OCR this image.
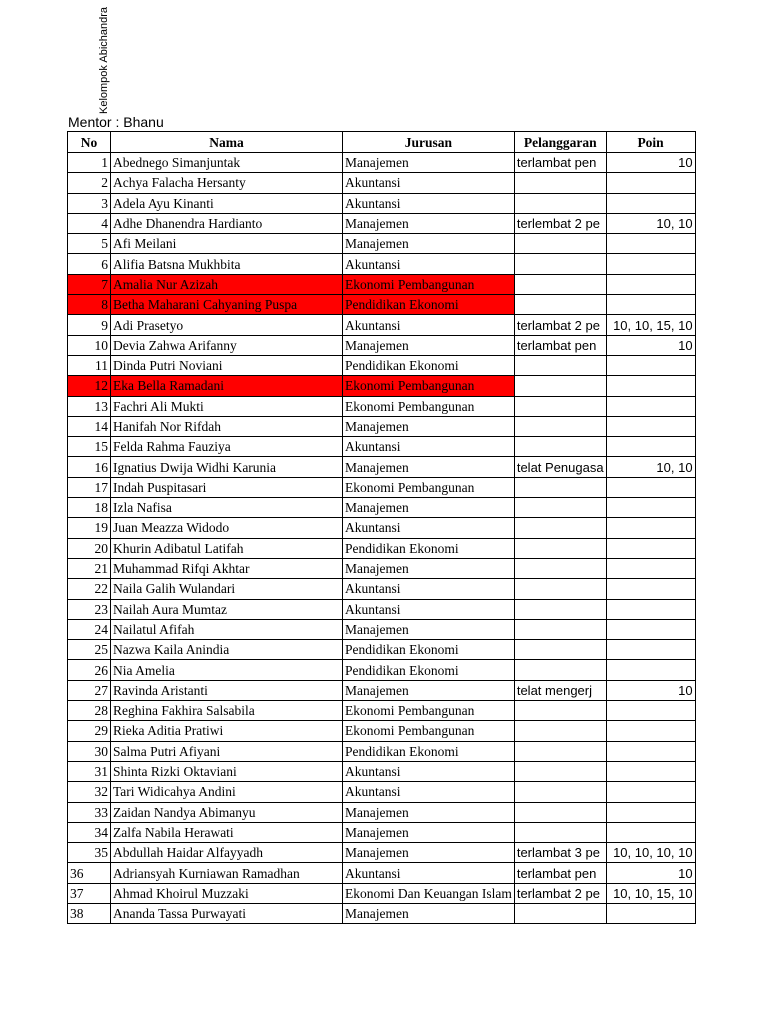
Kelompok Abichandra
Mentor : Bhanu
No	Nama	Jurusan	Pelanggaran	Poin
1	Abednego Simanjuntak	Manajemen	terlambat pen	10
2	Achya Falacha Hersanty	Akuntansi		
3	Adela Ayu Kinanti	Akuntansi		
4	Adhe Dhanendra Hardianto	Manajemen	terlembat 2 pe	10, 10
5	Afi Meilani	Manajemen		
6	Alifia Batsna Mukhbita	Akuntansi		
7	Amalia Nur Azizah	Ekonomi Pembangunan		
8	Betha Maharani Cahyaning Puspa	Pendidikan Ekonomi		
9	Adi Prasetyo	Akuntansi	terlambat 2 pe	10, 10, 15, 10
10	Devia Zahwa Arifanny	Manajemen	terlambat pen	10
11	Dinda Putri Noviani	Pendidikan Ekonomi		
12	Eka Bella Ramadani	Ekonomi Pembangunan		
13	Fachri Ali Mukti	Ekonomi Pembangunan		
14	Hanifah Nor Rifdah	Manajemen		
15	Felda Rahma Fauziya	Akuntansi		
16	Ignatius Dwija Widhi Karunia	Manajemen	telat Penugasa	10, 10
17	Indah Puspitasari	Ekonomi Pembangunan		
18	Izla Nafisa	Manajemen		
19	Juan Meazza Widodo	Akuntansi		
20	Khurin Adibatul Latifah	Pendidikan Ekonomi		
21	Muhammad Rifqi Akhtar	Manajemen		
22	Naila Galih Wulandari	Akuntansi		
23	Nailah Aura Mumtaz	Akuntansi		
24	Nailatul Afifah	Manajemen		
25	Nazwa Kaila Anindia	Pendidikan Ekonomi		
26	Nia Amelia	Pendidikan Ekonomi		
27	Ravinda Aristanti	Manajemen	telat mengerj	10
28	Reghina Fakhira Salsabila	Ekonomi Pembangunan		
29	Rieka Aditia Pratiwi	Ekonomi Pembangunan		
30	Salma Putri Afiyani	Pendidikan Ekonomi		
31	Shinta Rizki Oktaviani	Akuntansi		
32	Tari Widicahya Andini	Akuntansi		
33	Zaidan Nandya Abimanyu	Manajemen		
34	Zalfa Nabila Herawati	Manajemen		
35	Abdullah Haidar Alfayyadh	Manajemen	terlambat 3 pe	10, 10, 10, 10
36	Adriansyah Kurniawan Ramadhan	Akuntansi	terlambat pen	10
37	Ahmad Khoirul Muzzaki	Ekonomi Dan Keuangan Islam	terlambat 2 pe	10, 10, 15, 10
38	Ananda Tassa Purwayati	Manajemen		
